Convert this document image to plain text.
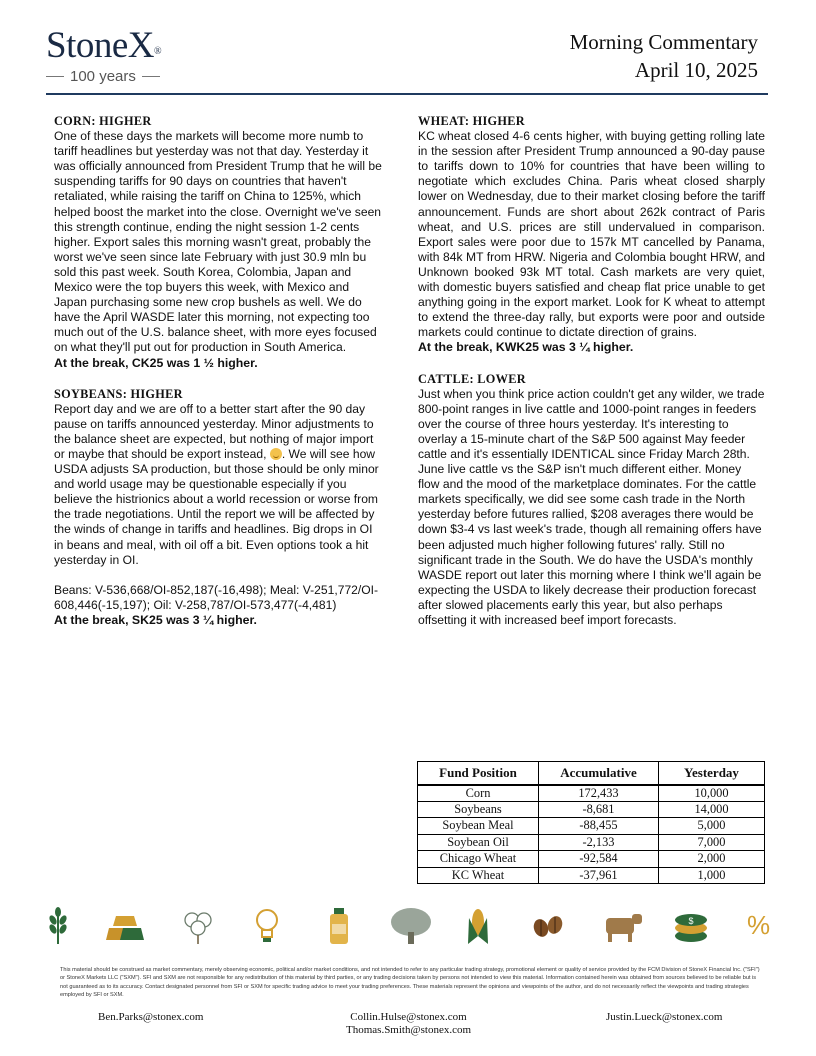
StoneX®
100 years
Morning Commentary
April 10, 2025
CORN: HIGHER

One of these days the markets will become more numb to tariff headlines but yesterday was not that day. Yesterday it was officially announced from President Trump that he will be suspending tariffs for 90 days on countries that haven't retaliated, while raising the tariff on China to 125%, which helped boost the market into the close. Overnight we've seen this strength continue, ending the night session 1-2 cents higher. Export sales this morning wasn't great, probably the worst we've seen since late February with just 30.9 mln bu sold this past week. South Korea, Colombia, Japan and Mexico were the top buyers this week, with Mexico and Japan purchasing some new crop bushels as well. We do have the April WASDE later this morning, not expecting too much out of the U.S. balance sheet, with more eyes focused on what they'll put out for production in South America.

At the break, CK25 was 1 ½ higher.
SOYBEANS: HIGHER

Report day and we are off to a better start after the 90 day pause on tariffs announced yesterday. Minor adjustments to the balance sheet are expected, but nothing of major import or maybe that should be export instead, . We will see how USDA adjusts SA production, but those should be only minor and world usage may be questionable especially if you believe the histrionics about a world recession or worse from the trade negotiations. Until the report we will be affected by the winds of change in tariffs and headlines. Big drops in OI in beans and meal, with oil off a bit. Even options took a hit yesterday in OI.

Beans: V-536,668/OI-852,187(-16,498); Meal: V-251,772/OI-608,446(-15,197); Oil: V-258,787/OI-573,477(-4,481)

At the break, SK25 was 3 ¼ higher.
WHEAT: HIGHER

KC wheat closed 4-6 cents higher, with buying getting rolling late in the session after President Trump announced a 90-day pause to tariffs down to 10% for countries that have been willing to negotiate which excludes China. Paris wheat closed sharply lower on Wednesday, due to their market closing before the tariff announcement. Funds are short about 262k contract of Paris wheat, and U.S. prices are still undervalued in comparison. Export sales were poor due to 157k MT cancelled by Panama, with 84k MT from HRW. Nigeria and Colombia bought HRW, and Unknown booked 93k MT total. Cash markets are very quiet, with domestic buyers satisfied and cheap flat price unable to get anything going in the export market. Look for K wheat to attempt to extend the three-day rally, but exports were poor and outside markets could continue to dictate direction of grains.

At the break, KWK25 was 3 ¼ higher.
CATTLE: LOWER

Just when you think price action couldn't get any wilder, we trade 800-point ranges in live cattle and 1000-point ranges in feeders over the course of three hours yesterday. It's interesting to overlay a 15-minute chart of the S&P 500 against May feeder cattle and it's essentially IDENTICAL since Friday March 28th. June live cattle vs the S&P isn't much different either. Money flow and the mood of the marketplace dominates. For the cattle markets specifically, we did see some cash trade in the North yesterday before futures rallied, $208 averages there would be down $3-4 vs last week's trade, though all remaining offers have been adjusted much higher following futures' rally. Still no significant trade in the South. We do have the USDA's monthly WASDE report out later this morning where I think we'll again be expecting the USDA to likely decrease their production forecast after slowed placements early this year, but also perhaps offsetting it with increased beef import forecasts.

Fund Position	Accumulative	Yesterday
Corn	172,433	10,000
Soybeans	-8,681	14,000
Soybean Meal	-88,455	5,000
Soybean Oil	-2,133	7,000
Chicago Wheat	-92,584	2,000
KC Wheat	-37,961	1,000
$ %
This material should be construed as market commentary, merely observing economic, political and/or market conditions, and not intended to refer to any particular trading strategy, promotional element or quality of service provided by the FCM Division of StoneX Financial Inc. ("SFI") or StoneX Markets LLC ("SXM"). SFI and SXM are not responsible for any redistribution of this material by third parties, or any trading decisions taken by persons not intended to view this material. Information contained herein was obtained from sources believed to be reliable but is not guaranteed as to its accuracy. Contact designated personnel from SFI or SXM for specific trading advice to meet your trading preferences. These materials represent the opinions and viewpoints of the author, and do not necessarily reflect the viewpoints and trading strategies employed by SFI or SXM.
Ben.Parks@stonex.com	Collin.Hulse@stonex.com
Thomas.Smith@stonex.com
Justin.Lueck@stonex.com
